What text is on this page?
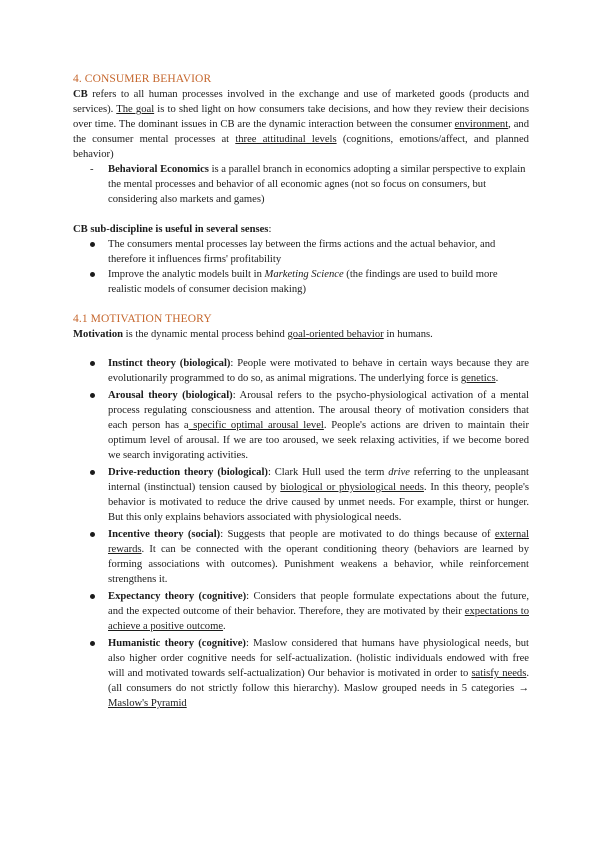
4. CONSUMER BEHAVIOR

CB refers to all human processes involved in the exchange and use of marketed goods (products and services). The goal is to shed light on how consumers take decisions, and how they review their decisions over time. The dominant issues in CB are the dynamic interaction between the consumer environment, and the consumer mental processes at three attitudinal levels (cognitions, emotions/affect, and planned behavior)

- Behavioral Economics is a parallel branch in economics adopting a similar perspective to explain the mental processes and behavior of all economic agnes (not so focus on consumers, but considering also markets and games)

CB sub-discipline is useful in several senses:

The consumers mental processes lay between the firms actions and the actual behavior, and therefore it influences firms' profitability
Improve the analytic models built in Marketing Science (the findings are used to build more realistic models of consumer decision making)
4.1 MOTIVATION THEORY

Motivation is the dynamic mental process behind goal-oriented behavior in humans.

Instinct theory (biological): People were motivated to behave in certain ways because they are evolutionarily programmed to do so, as animal migrations. The underlying force is genetics.
Arousal theory (biological): Arousal refers to the psycho-physiological activation of a mental process regulating consciousness and attention. The arousal theory of motivation considers that each person has a specific optimal arousal level. People's actions are driven to maintain their optimum level of arousal. If we are too aroused, we seek relaxing activities, if we become bored we search invigorating activities.
Drive-reduction theory (biological): Clark Hull used the term drive referring to the unpleasant internal (instinctual) tension caused by biological or physiological needs. In this theory, people's behavior is motivated to reduce the drive caused by unmet needs. For example, thirst or hunger. But this only explains behaviors associated with physiological needs.
Incentive theory (social): Suggests that people are motivated to do things because of external rewards. It can be connected with the operant conditioning theory (behaviors are learned by forming associations with outcomes). Punishment weakens a behavior, while reinforcement strengthens it.
Expectancy theory (cognitive): Considers that people formulate expectations about the future, and the expected outcome of their behavior. Therefore, they are motivated by their expectations to achieve a positive outcome.
Humanistic theory (cognitive): Maslow considered that humans have physiological needs, but also higher order cognitive needs for self-actualization. (holistic individuals endowed with free will and motivated towards self-actualization) Our behavior is motivated in order to satisfy needs. (all consumers do not strictly follow this hierarchy). Maslow grouped needs in 5 categories → Maslow's Pyramid
